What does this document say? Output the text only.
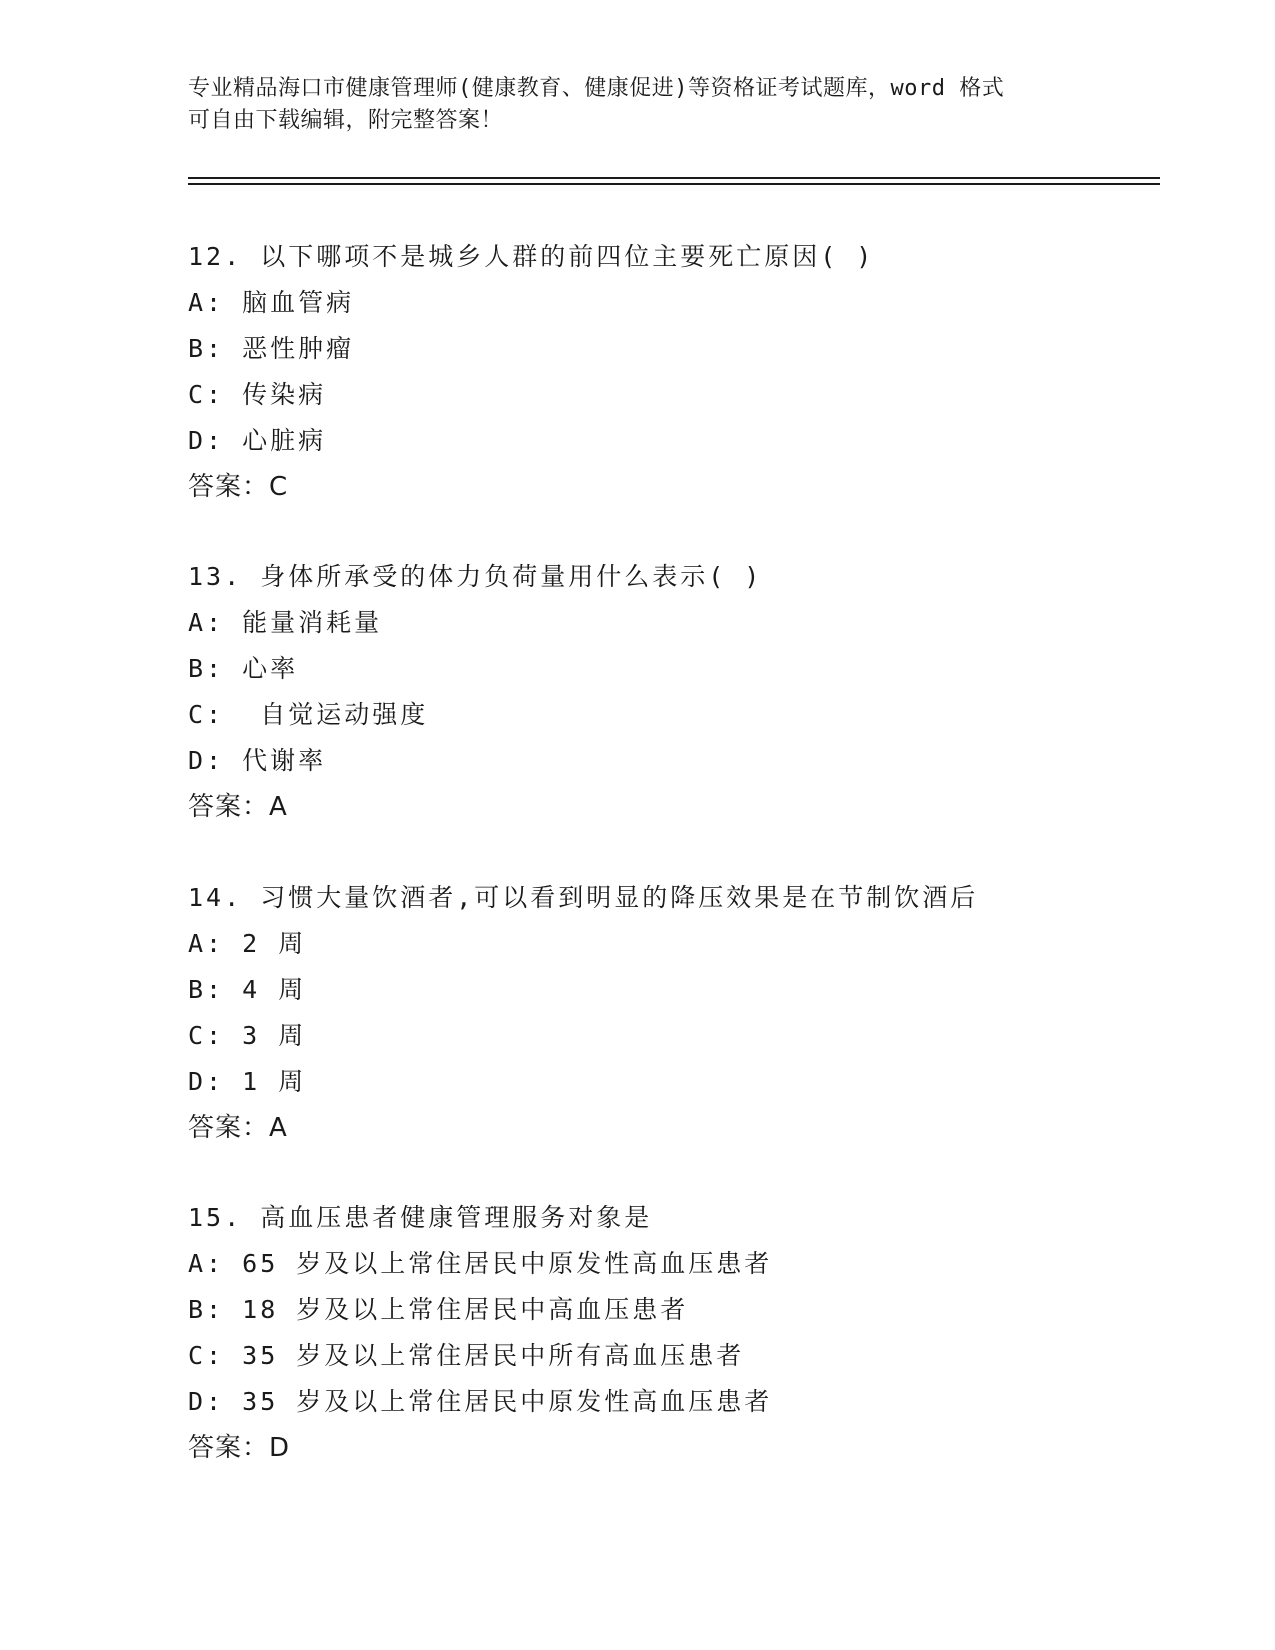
专业精品海口市健康管理师(健康教育、健康促进)等资格证考试题库，word 格式
可自由下载编辑，附完整答案！
12. 以下哪项不是城乡人群的前四位主要死亡原因( )
A: 脑血管病
B: 恶性肿瘤
C: 传染病
D: 心脏病
答案：C
13. 身体所承受的体力负荷量用什么表示( )
A: 能量消耗量
B: 心率
C:  自觉运动强度
D: 代谢率
答案：A
14. 习惯大量饮酒者,可以看到明显的降压效果是在节制饮酒后
A: 2 周
B: 4 周
C: 3 周
D: 1 周
答案：A
15. 高血压患者健康管理服务对象是
A: 65 岁及以上常住居民中原发性高血压患者
B: 18 岁及以上常住居民中高血压患者
C: 35 岁及以上常住居民中所有高血压患者
D: 35 岁及以上常住居民中原发性高血压患者
答案：D
